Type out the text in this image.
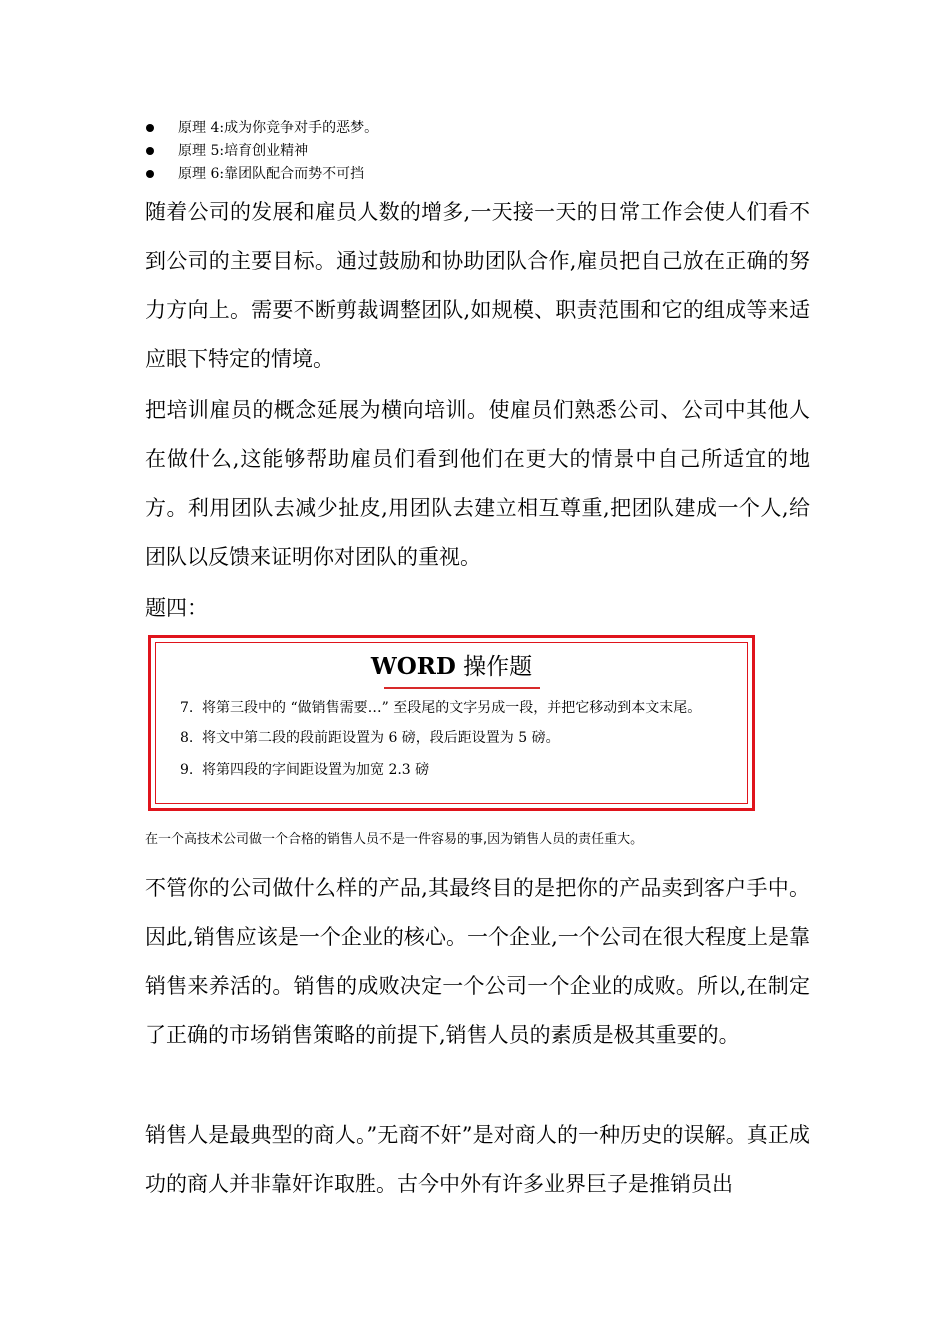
原理 4:成为你竞争对手的恶梦。
原理 5:培育创业精神
原理 6:靠团队配合而势不可挡

随着公司的发展和雇员人数的增多,一天接一天的日常工作会使人们看不到公司的主要目标。通过鼓励和协助团队合作,雇员把自己放在正确的努力方向上。需要不断剪裁调整团队,如规模、职责范围和它的组成等来适应眼下特定的情境。

把培训雇员的概念延展为横向培训。使雇员们熟悉公司、公司中其他人在做什么,这能够帮助雇员们看到他们在更大的情景中自己所适宜的地方。利用团队去减少扯皮,用团队去建立相互尊重,把团队建成一个人,给团队以反馈来证明你对团队的重视。

题四：

WORD 操作题
7. 将第三段中的 “做销售需要…” 至段尾的文字另成一段，并把它移动到本文末尾。
8. 将文中第二段的段前距设置为 6 磅，段后距设置为 5 磅。
9. 将第四段的字间距设置为加宽 2.3 磅

在一个高技术公司做一个合格的销售人员不是一件容易的事,因为销售人员的责任重大。

不管你的公司做什么样的产品,其最终目的是把你的产品卖到客户手中。因此,销售应该是一个企业的核心。一个企业,一个公司在很大程度上是靠销售来养活的。销售的成败决定一个公司一个企业的成败。所以,在制定了正确的市场销售策略的前提下,销售人员的素质是极其重要的。

销售人是最典型的商人。”无商不奸”是对商人的一种历史的误解。真正成功的商人并非靠奸诈取胜。古今中外有许多业界巨子是推销员出
